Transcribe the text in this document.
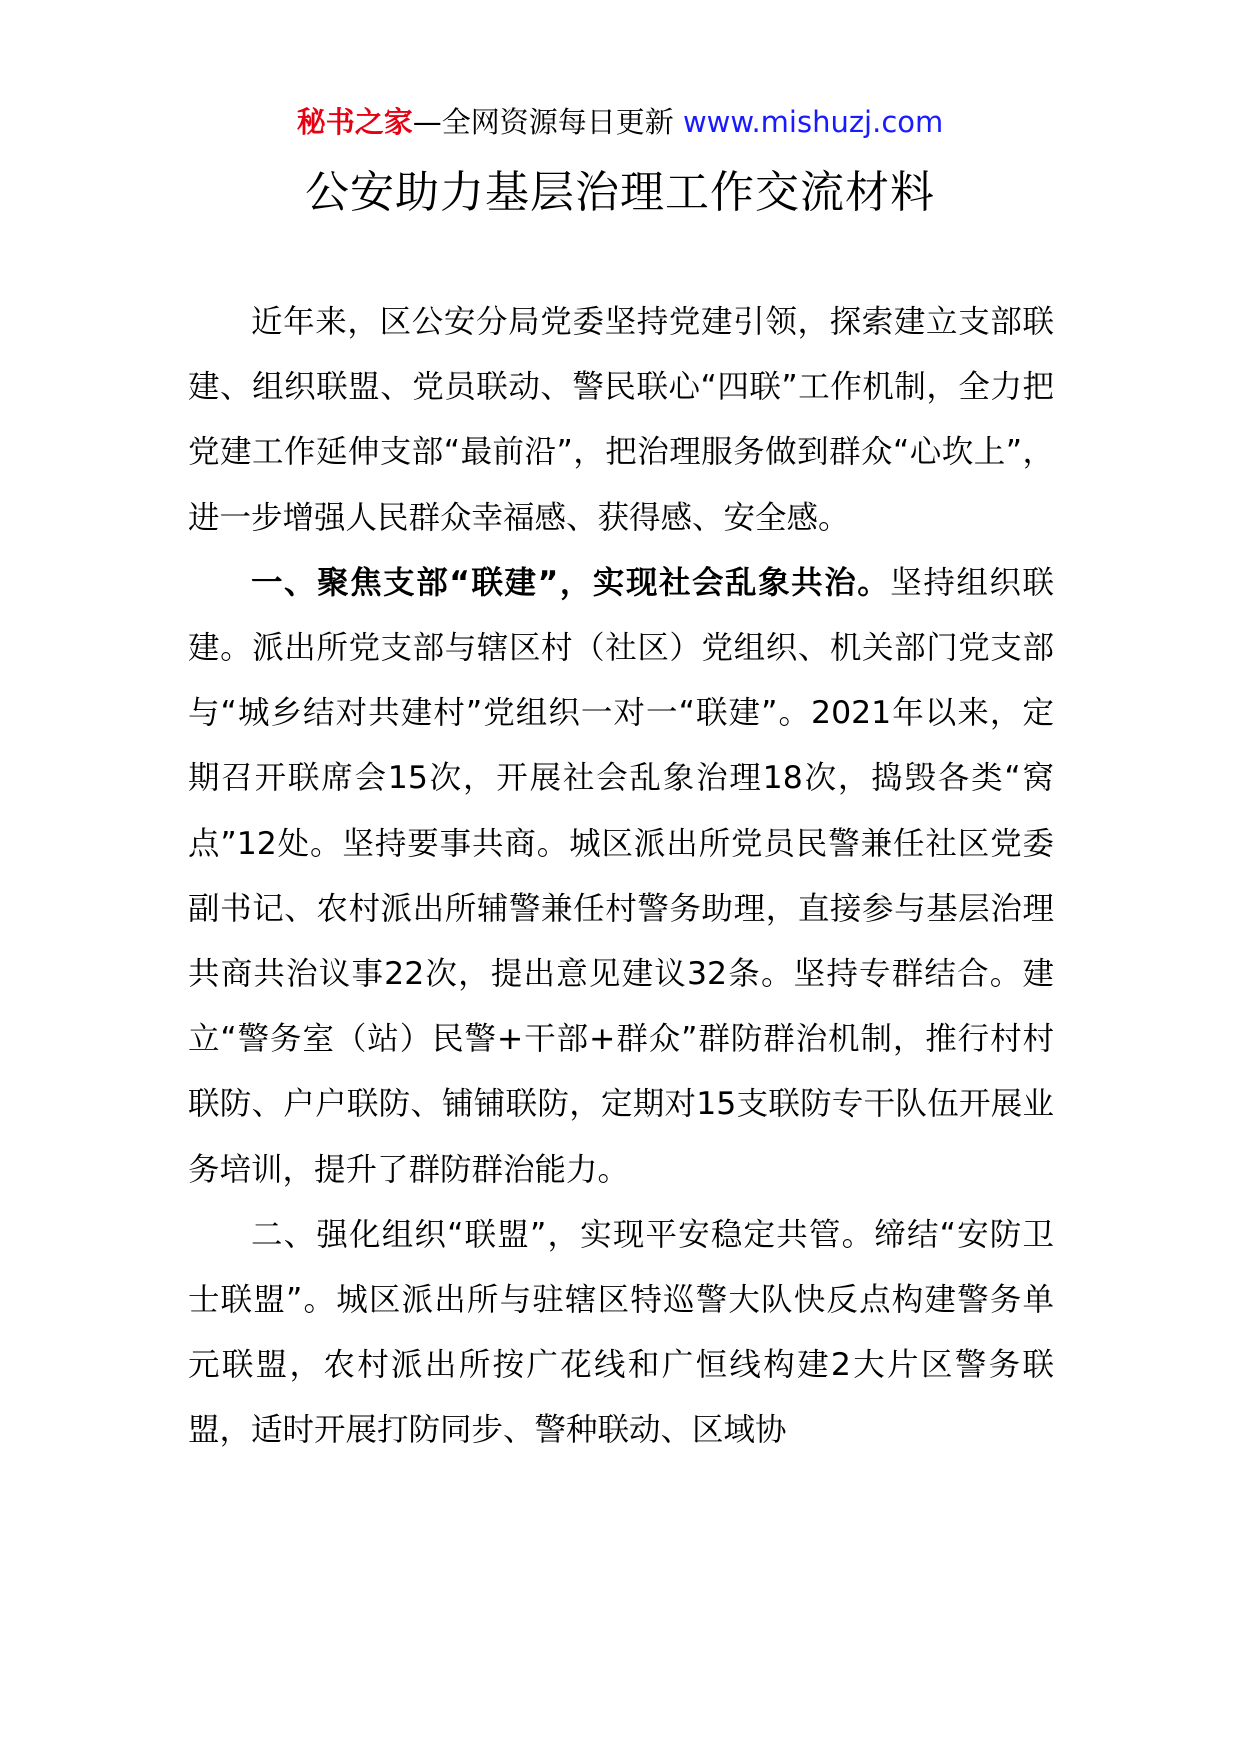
秘书之家—全网资源每日更新 www.mishuzj.com
公安助力基层治理工作交流材料

近年来，区公安分局党委坚持党建引领，探索建立支部联建、组织联盟、党员联动、警民联心“四联”工作机制，全力把党建工作延伸支部“最前沿”，把治理服务做到群众“心坎上”，进一步增强人民群众幸福感、获得感、安全感。

一、聚焦支部“联建”，实现社会乱象共治。坚持组织联建。派出所党支部与辖区村（社区）党组织、机关部门党支部与“城乡结对共建村”党组织一对一“联建”。2021年以来，定期召开联席会15次，开展社会乱象治理18次，捣毁各类“窝点”12处。坚持要事共商。城区派出所党员民警兼任社区党委副书记、农村派出所辅警兼任村警务助理，直接参与基层治理共商共治议事22次，提出意见建议32条。坚持专群结合。建立“警务室（站）民警+干部+群众”群防群治机制，推行村村联防、户户联防、铺铺联防，定期对15支联防专干队伍开展业务培训，提升了群防群治能力。

二、强化组织“联盟”，实现平安稳定共管。缔结“安防卫士联盟”。城区派出所与驻辖区特巡警大队快反点构建警务单元联盟，农村派出所按广花线和广恒线构建2大片区警务联盟，适时开展打防同步、警种联动、区域协
